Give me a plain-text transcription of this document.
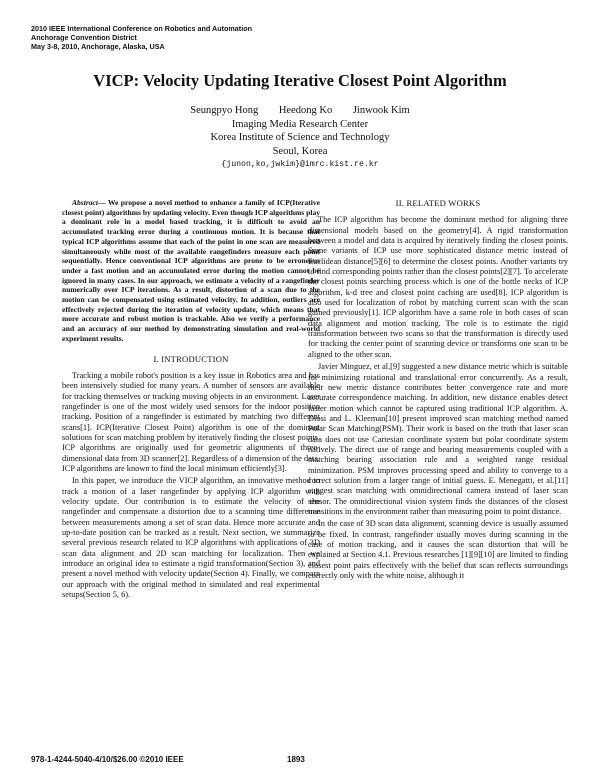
2010 IEEE International Conference on Robotics and Automation
Anchorage Convention District
May 3-8, 2010, Anchorage, Alaska, USA
VICP: Velocity Updating Iterative Closest Point Algorithm
Seungpyo Hong Heedong Ko Jinwook Kim
Imaging Media Research Center
Korea Institute of Science and Technology
Seoul, Korea
{junon,ko,jwkim}@imrc.kist.re.kr

Abstract— We propose a novel method to enhance a family of ICP(Iterative closest point) algorithms by updating velocity. Even though ICP algorithms play a dominant role in a model based tracking, it is difficult to avoid an accumulated tracking error during a continuous motion. It is because that typical ICP algorithms assume that each of the point in one scan are measured simultaneously while most of the available rangefinders measure each point sequentially. Hence conventional ICP algorithms are prone to be erroneous under a fast motion and an accumulated error during the motion cannot be ignored in many cases. In our approach, we estimate a velocity of a rangefinder numerically over ICP iterations. As a result, distortion of a scan due to the motion can be compensated using estimated velocity. In addition, outliers are effectively rejected during the iteration of velocity update, which means that more accurate and robust motion is trackable. Also we verify a performance and an accuracy of our method by demonstrating simulation and real-world experiment results.

I. INTRODUCTION

Tracking a mobile robot's position is a key issue in Robotics area and has been intensively studied for many years. A number of sensors are available for tracking themselves or tracking moving objects in an environment. Laser rangefinder is one of the most widely used sensors for the indoor position tracking. Position of a rangefinder is estimated by matching two different scans[1]. ICP(Iterative Closest Point) algorithm is one of the dominant solutions for scan matching problem by iteratively finding the closest points. ICP algorithms are originally used for geometric alignments of three-dimensional data from 3D scanner[2]. Regardless of a dimension of the data, ICP algorithms are known to find the local minimum efficiently[3].

In this paper, we introduce the VICP algorithm, an innovative method to track a motion of a laser rangefinder by applying ICP algorithm with velocity update. Our contribution is to estimate the velocity of the rangefinder and compensate a distortion due to a scanning time difference between measurements among a set of scan data. Hence more accurate and up-to-date position can be tracked as a result. Next section, we summarize several previous research related to ICP algorithms with applications of 3D scan data alignment and 2D scan matching for localization. Then we introduce an original idea to estimate a rigid transformation(Section 3), and present a novel method with velocity update(Section 4). Finally, we compare our approach with the original method in simulated and real experimental setups(Section 5, 6).

II. RELATED WORKS

The ICP algorithm has become the dominant method for aligning three dimensional models based on the geometry[4]. A rigid transformation between a model and data is acquired by iteratively finding the closest points. Some variants of ICP use more sophisticated distance metric instead of Euclidean distance[5][6] to determine the closest points. Another variants try to find corresponding points rather than the closest points[2][7]. To accelerate the closest points searching process which is one of the bottle necks of ICP algorithm, k-d tree and closest point caching are used[8]. ICP algorithm is also used for localization of robot by matching current scan with the scan gained previously[1]. ICP algorithm have a same role in both cases of scan data alignment and motion tracking. The role is to estimate the rigid transformation between two scans so that the transformation is directly used for tracking the center point of scanning device or transforms one scan to be aligned to the other scan.

Javier Minguez, et al.[9] suggested a new distance metric which is suitable for minimizing rotational and translational error concurrently. As a result, their new metric distance contributes better convergence rate and more accurate correspondence matching. In addition, new distance enables detect faster motion which cannot be captured using traditional ICP algorithm. A. Diosi and L. Kleeman[10] present improved scan matching method named Polar Scan Matching(PSM). Their work is based on the truth that laser scan data does not use Cartesian coordinate system but polar coordinate system natively. The direct use of range and bearing measurements coupled with a matching bearing association rule and a weighted range residual minimization. PSM improves processing speed and ability to converge to a correct solution from a larger range of initial guess. E. Menegatti, et al.[11] suggest scan matching with omnidirectional camera instead of laser scan sensor. The omnidirectional vision system finds the distances of the closest transitions in the environment rather than measuring point to point distance.

In the case of 3D scan data alignment, scanning device is usually assumed to be fixed. In contrast, rangefinder usually moves during scanning in the case of motion tracking, and it causes the scan distortion that will be explained at Section 4.1. Previous researches [1][9][10] are limited to finding closest point pairs effectively with the belief that scan reflects surroundings correctly only with the white noise, although it

978-1-4244-5040-4/10/$26.00 ©2010 IEEE	1893
